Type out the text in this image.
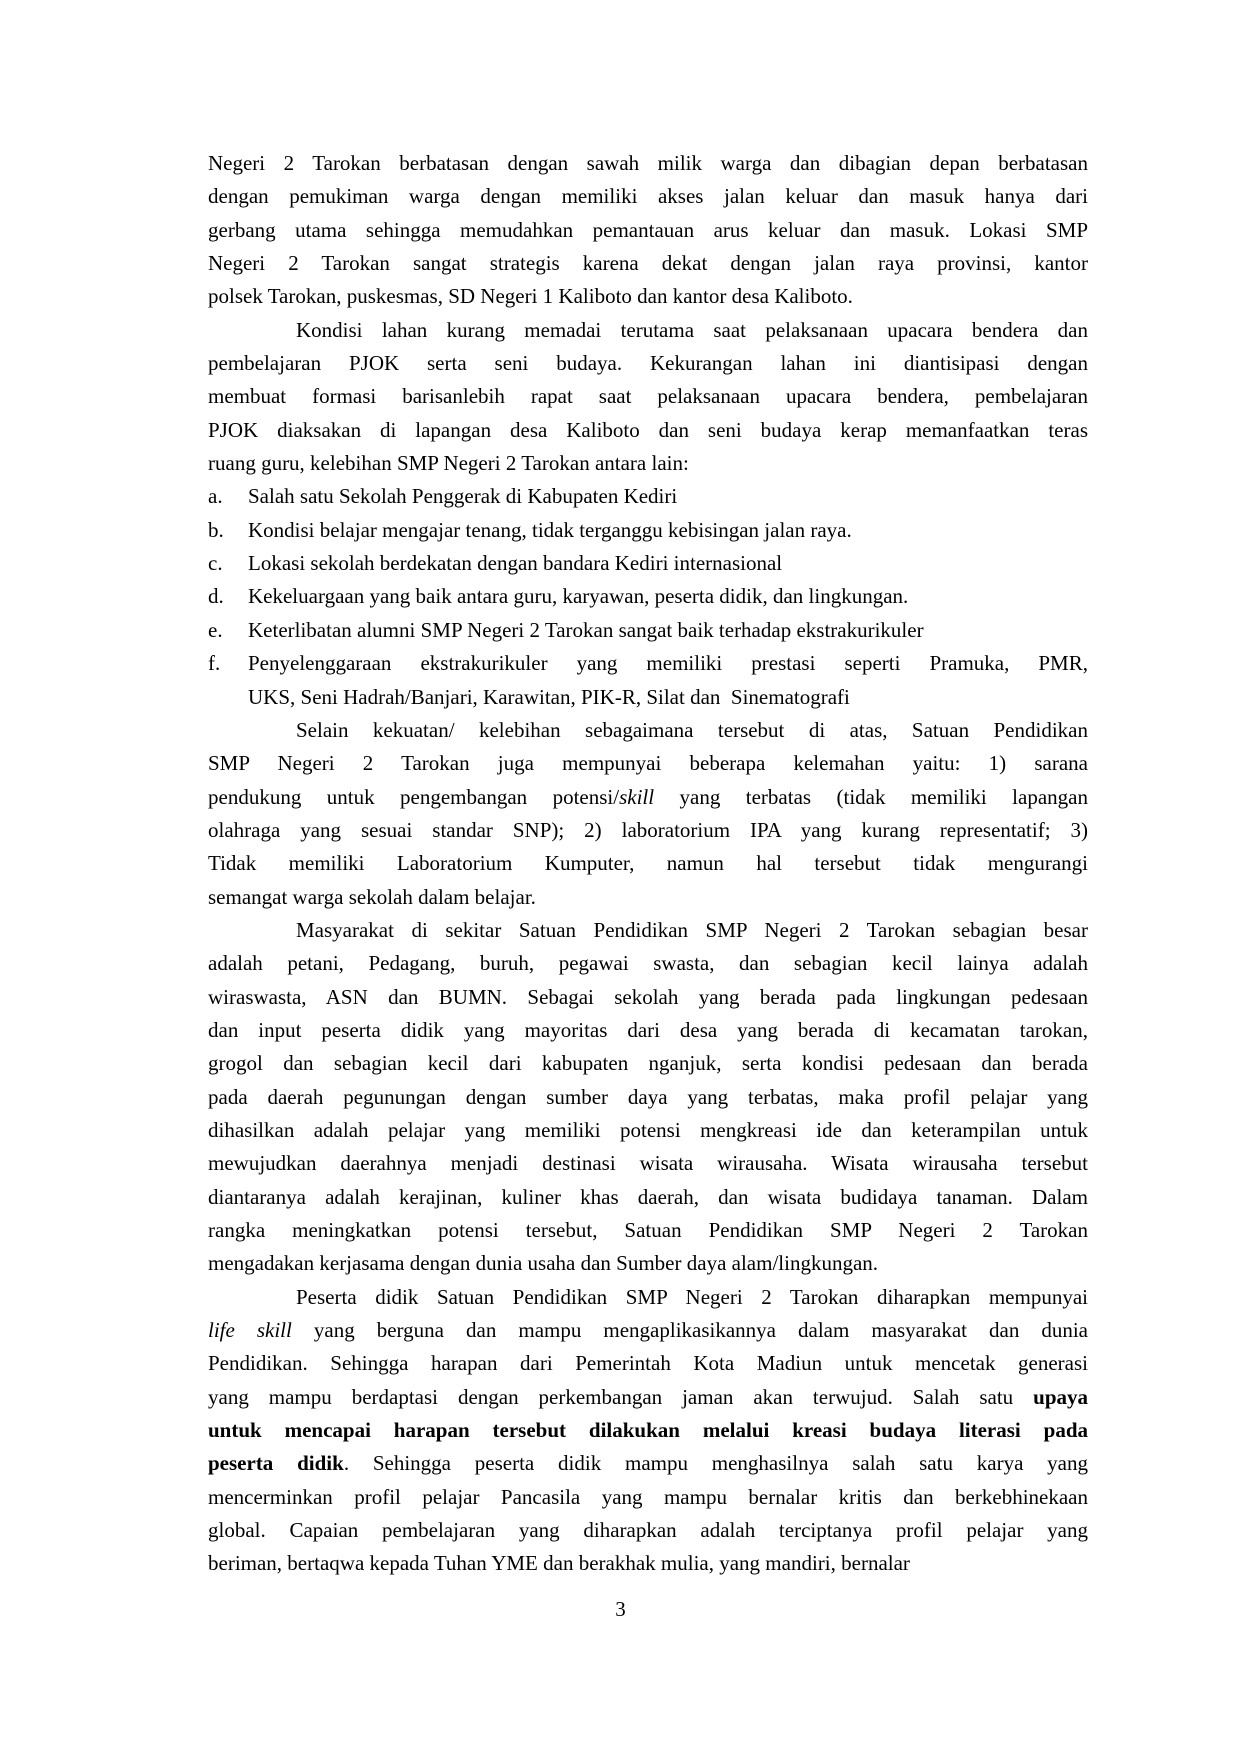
Negeri 2 Tarokan berbatasan dengan sawah milik warga dan dibagian depan berbatasan
dengan pemukiman warga dengan memiliki akses jalan keluar dan masuk hanya dari
gerbang utama sehingga memudahkan pemantauan arus keluar dan masuk. Lokasi SMP
Negeri 2 Tarokan sangat strategis karena dekat dengan jalan raya provinsi, kantor
polsek Tarokan, puskesmas, SD Negeri 1 Kaliboto dan kantor desa Kaliboto.
Kondisi lahan kurang memadai terutama saat pelaksanaan upacara bendera dan
pembelajaran PJOK serta seni budaya. Kekurangan lahan ini diantisipasi dengan
membuat formasi barisanlebih rapat saat pelaksanaan upacara bendera, pembelajaran
PJOK diaksakan di lapangan desa Kaliboto dan seni budaya kerap memanfaatkan teras
ruang guru, kelebihan SMP Negeri 2 Tarokan antara lain:
a.	Salah satu Sekolah Penggerak di Kabupaten Kediri
b.	Kondisi belajar mengajar tenang, tidak terganggu kebisingan jalan raya.
c.	Lokasi sekolah berdekatan dengan bandara Kediri internasional
d.	Kekeluargaan yang baik antara guru, karyawan, peserta didik, dan lingkungan.
e.	Keterlibatan alumni SMP Negeri 2 Tarokan sangat baik terhadap ekstrakurikuler
f.	Penyelenggaraan ekstrakurikuler yang memiliki prestasi seperti Pramuka, PMR,
UKS, Seni Hadrah/Banjari, Karawitan, PIK-R, Silat dan  Sinematografi
Selain kekuatan/ kelebihan sebagaimana tersebut di atas, Satuan Pendidikan
SMP Negeri 2 Tarokan juga mempunyai beberapa kelemahan yaitu: 1) sarana
pendukung untuk pengembangan potensi/skill yang terbatas (tidak memiliki lapangan
olahraga yang sesuai standar SNP); 2) laboratorium IPA yang kurang representatif; 3)
Tidak memiliki Laboratorium Kumputer, namun hal tersebut tidak mengurangi
semangat warga sekolah dalam belajar.
Masyarakat di sekitar Satuan Pendidikan SMP Negeri 2 Tarokan sebagian besar
adalah petani, Pedagang, buruh, pegawai swasta, dan sebagian kecil lainya adalah
wiraswasta, ASN dan BUMN. Sebagai sekolah yang berada pada lingkungan pedesaan
dan input peserta didik yang mayoritas dari desa yang berada di kecamatan tarokan,
grogol dan sebagian kecil dari kabupaten nganjuk, serta kondisi pedesaan dan berada
pada daerah pegunungan dengan sumber daya yang terbatas, maka profil pelajar yang
dihasilkan adalah pelajar yang memiliki potensi mengkreasi ide dan keterampilan untuk
mewujudkan daerahnya menjadi destinasi wisata wirausaha. Wisata wirausaha tersebut
diantaranya adalah kerajinan, kuliner khas daerah, dan wisata budidaya tanaman. Dalam
rangka meningkatkan potensi tersebut, Satuan Pendidikan SMP Negeri 2 Tarokan
mengadakan kerjasama dengan dunia usaha dan Sumber daya alam/lingkungan.
Peserta didik Satuan Pendidikan SMP Negeri 2 Tarokan diharapkan mempunyai
life skill yang berguna dan mampu mengaplikasikannya dalam masyarakat dan dunia
Pendidikan. Sehingga harapan dari Pemerintah Kota Madiun untuk mencetak generasi
yang mampu berdaptasi dengan perkembangan jaman akan terwujud. Salah satu upaya
untuk mencapai harapan tersebut dilakukan melalui kreasi budaya literasi pada
peserta didik. Sehingga peserta didik mampu menghasilnya salah satu karya yang
mencerminkan profil pelajar Pancasila yang mampu bernalar kritis dan berkebhinekaan
global. Capaian pembelajaran yang diharapkan adalah terciptanya profil pelajar yang
beriman, bertaqwa kepada Tuhan YME dan berakhak mulia, yang mandiri, bernalar
3
